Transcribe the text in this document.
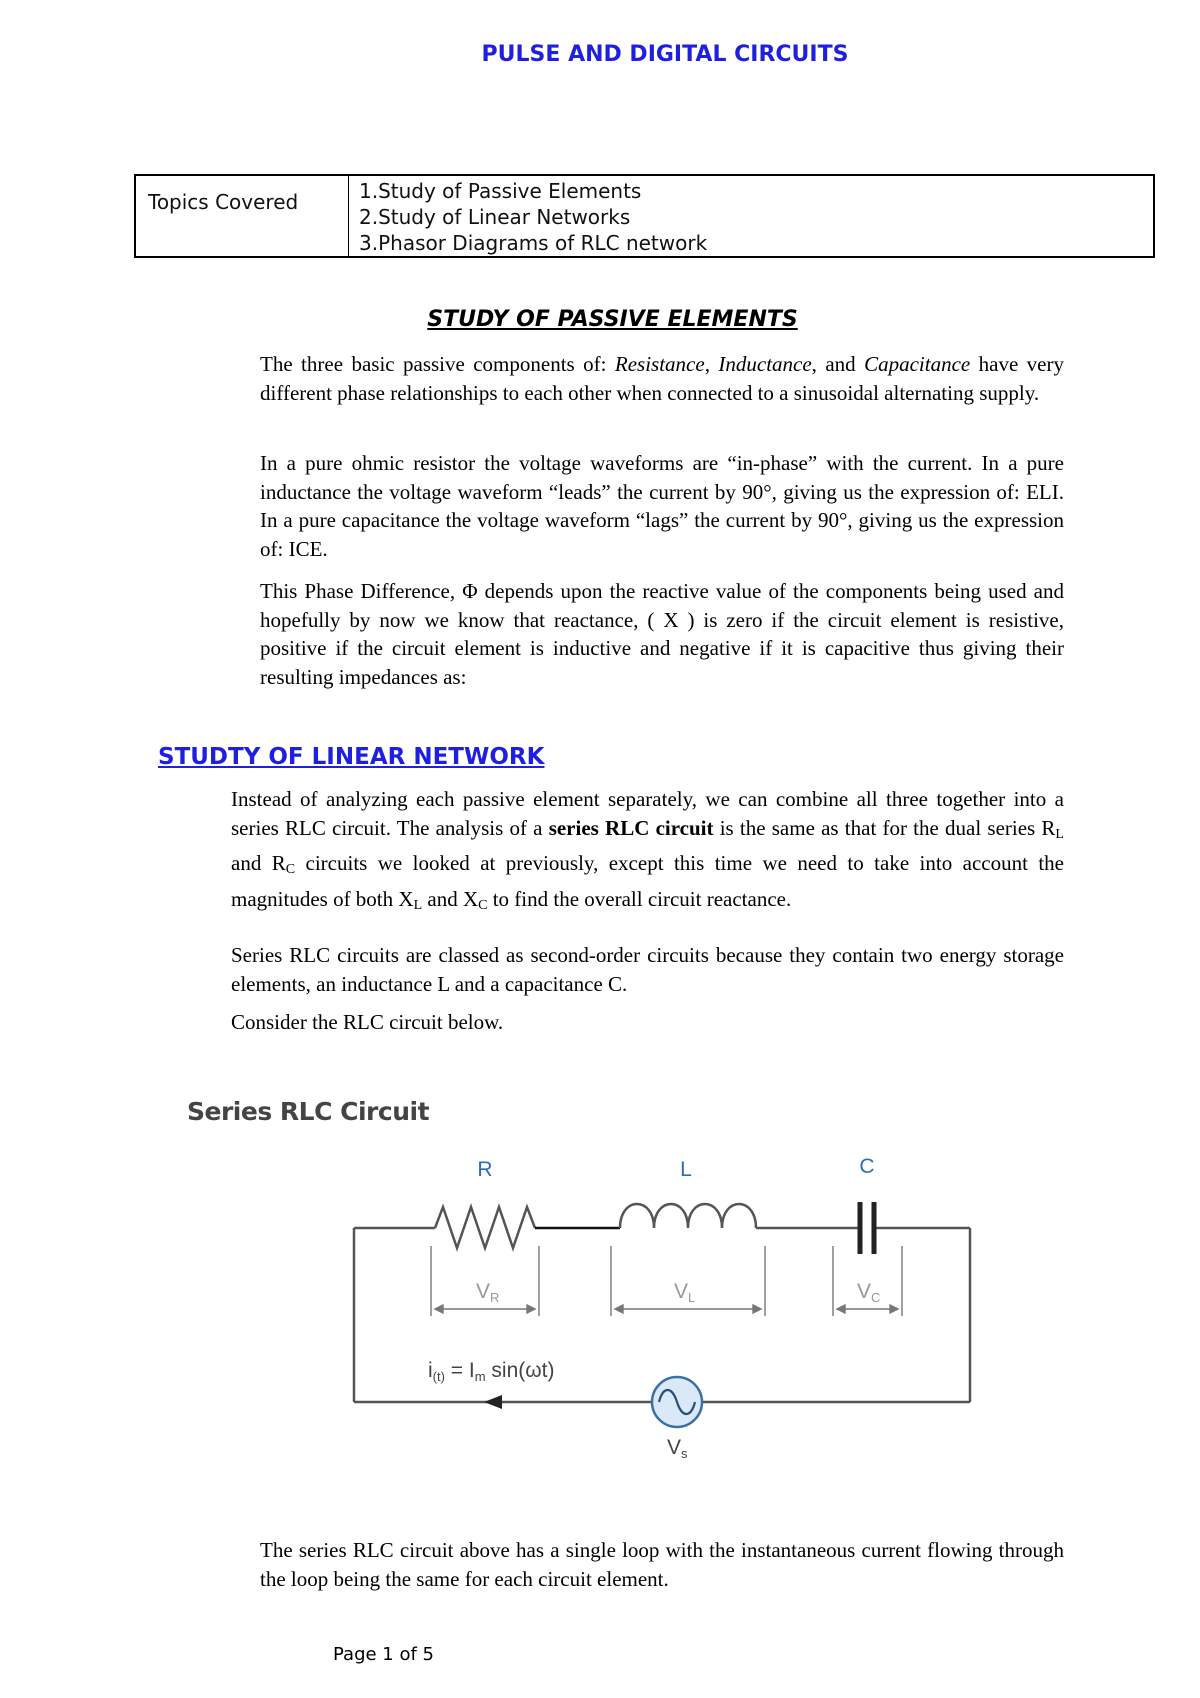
PULSE AND DIGITAL CIRCUITS
Topics Covered	1.Study of Passive Elements
2.Study of Linear Networks
3.Phasor Diagrams of RLC network
STUDY OF PASSIVE ELEMENTS
The three basic passive components of: Resistance, Inductance, and Capacitance have very different phase relationships to each other when connected to a sinusoidal alternating supply.
In a pure ohmic resistor the voltage waveforms are “in-phase” with the current. In a pure inductance the voltage waveform “leads” the current by 90°, giving us the expression of: ELI. In a pure capacitance the voltage waveform “lags” the current by 90°, giving us the expression of: ICE.
This Phase Difference, Φ depends upon the reactive value of the components being used and hopefully by now we know that reactance, ( X ) is zero if the circuit element is resistive, positive if the circuit element is inductive and negative if it is capacitive thus giving their resulting impedances as:
STUDTY OF LINEAR NETWORK
Instead of analyzing each passive element separately, we can combine all three together into a series RLC circuit. The analysis of a series RLC circuit is the same as that for the dual series $R_L$ and $R_C$ circuits we looked at previously, except this time we need to take into account the magnitudes of both $X_L$ and $X_C$ to find the overall circuit reactance.
Series RLC circuits are classed as second-order circuits because they contain two energy storage elements, an inductance L and a capacitance C.
Consider the RLC circuit below.
Series RLC Circuit
R	L	C
VR	VL	VC
i(t) = Im sin(ωt)
Vs
The series RLC circuit above has a single loop with the instantaneous current flowing through the loop being the same for each circuit element.
Page 1 of 5
